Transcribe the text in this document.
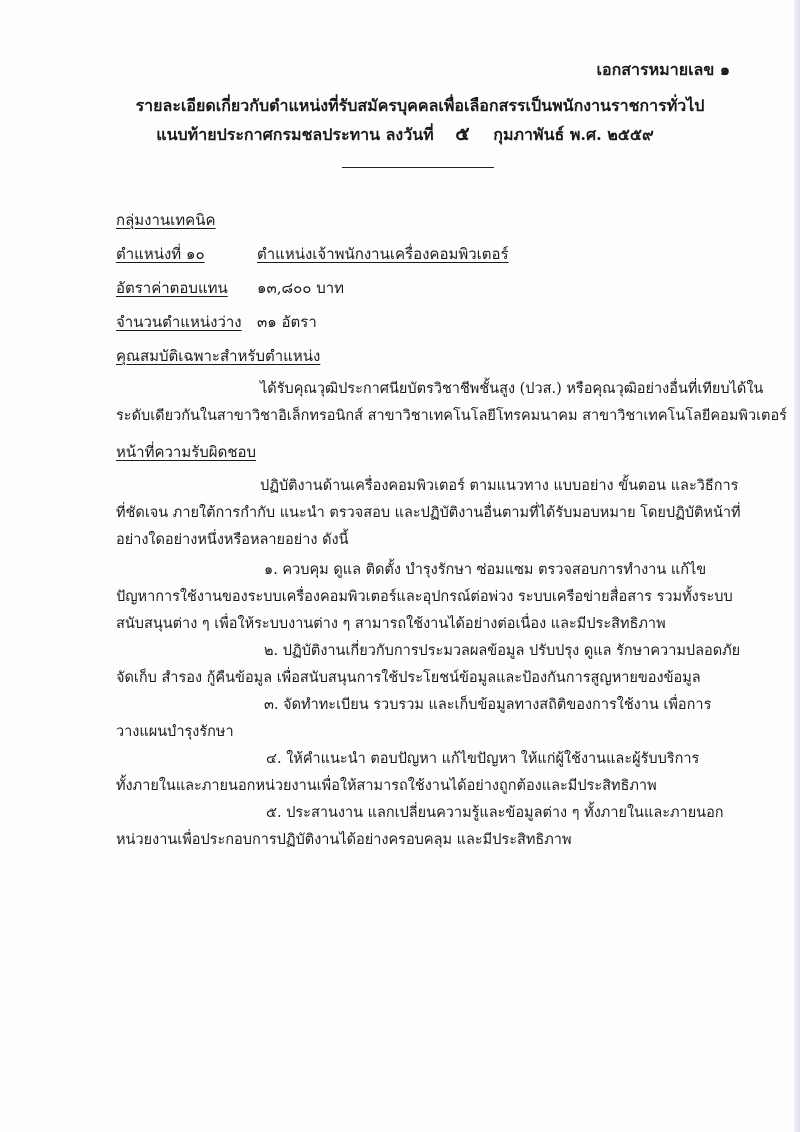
เอกสารหมายเลข ๑
รายละเอียดเกี่ยวกับตำแหน่งที่รับสมัครบุคคลเพื่อเลือกสรรเป็นพนักงานราชการทั่วไป
แนบท้ายประกาศกรมชลประทาน ลงวันที่ ๕ กุมภาพันธ์ พ.ศ. ๒๕๕๙
กลุ่มงานเทคนิค
ตำแหน่งที่ ๑๐	ตำแหน่งเจ้าพนักงานเครื่องคอมพิวเตอร์
อัตราค่าตอบแทน ๑๓,๘๐๐ บาท
จำนวนตำแหน่งว่าง ๓๑ อัตรา
คุณสมบัติเฉพาะสำหรับตำแหน่ง
ได้รับคุณวุฒิประกาศนียบัตรวิชาชีพชั้นสูง (ปวส.) หรือคุณวุฒิอย่างอื่นที่เทียบได้ใน
ระดับเดียวกันในสาขาวิชาอิเล็กทรอนิกส์ สาขาวิชาเทคโนโลยีโทรคมนาคม สาขาวิชาเทคโนโลยีคอมพิวเตอร์
หน้าที่ความรับผิดชอบ
ปฏิบัติงานด้านเครื่องคอมพิวเตอร์ ตามแนวทาง แบบอย่าง ขั้นตอน และวิธีการ
ที่ชัดเจน ภายใต้การกำกับ แนะนำ ตรวจสอบ และปฏิบัติงานอื่นตามที่ได้รับมอบหมาย โดยปฏิบัติหน้าที่
อย่างใดอย่างหนึ่งหรือหลายอย่าง ดังนี้
๑. ควบคุม ดูแล ติดตั้ง บำรุงรักษา ซ่อมแซม ตรวจสอบการทำงาน แก้ไข
ปัญหาการใช้งานของระบบเครื่องคอมพิวเตอร์และอุปกรณ์ต่อพ่วง ระบบเครือข่ายสื่อสาร รวมทั้งระบบ
สนับสนุนต่าง ๆ เพื่อให้ระบบงานต่าง ๆ สามารถใช้งานได้อย่างต่อเนื่อง และมีประสิทธิภาพ
๒. ปฏิบัติงานเกี่ยวกับการประมวลผลข้อมูล ปรับปรุง ดูแล รักษาความปลอดภัย
จัดเก็บ สำรอง กู้คืนข้อมูล เพื่อสนับสนุนการใช้ประโยชน์ข้อมูลและป้องกันการสูญหายของข้อมูล
๓. จัดทำทะเบียน รวบรวม และเก็บข้อมูลทางสถิติของการใช้งาน เพื่อการ
วางแผนบำรุงรักษา
๔. ให้คำแนะนำ ตอบปัญหา แก้ไขปัญหา ให้แก่ผู้ใช้งานและผู้รับบริการ
ทั้งภายในและภายนอกหน่วยงานเพื่อให้สามารถใช้งานได้อย่างถูกต้องและมีประสิทธิภาพ
๕. ประสานงาน แลกเปลี่ยนความรู้และข้อมูลต่าง ๆ ทั้งภายในและภายนอก
หน่วยงานเพื่อประกอบการปฏิบัติงานได้อย่างครอบคลุม และมีประสิทธิภาพ
